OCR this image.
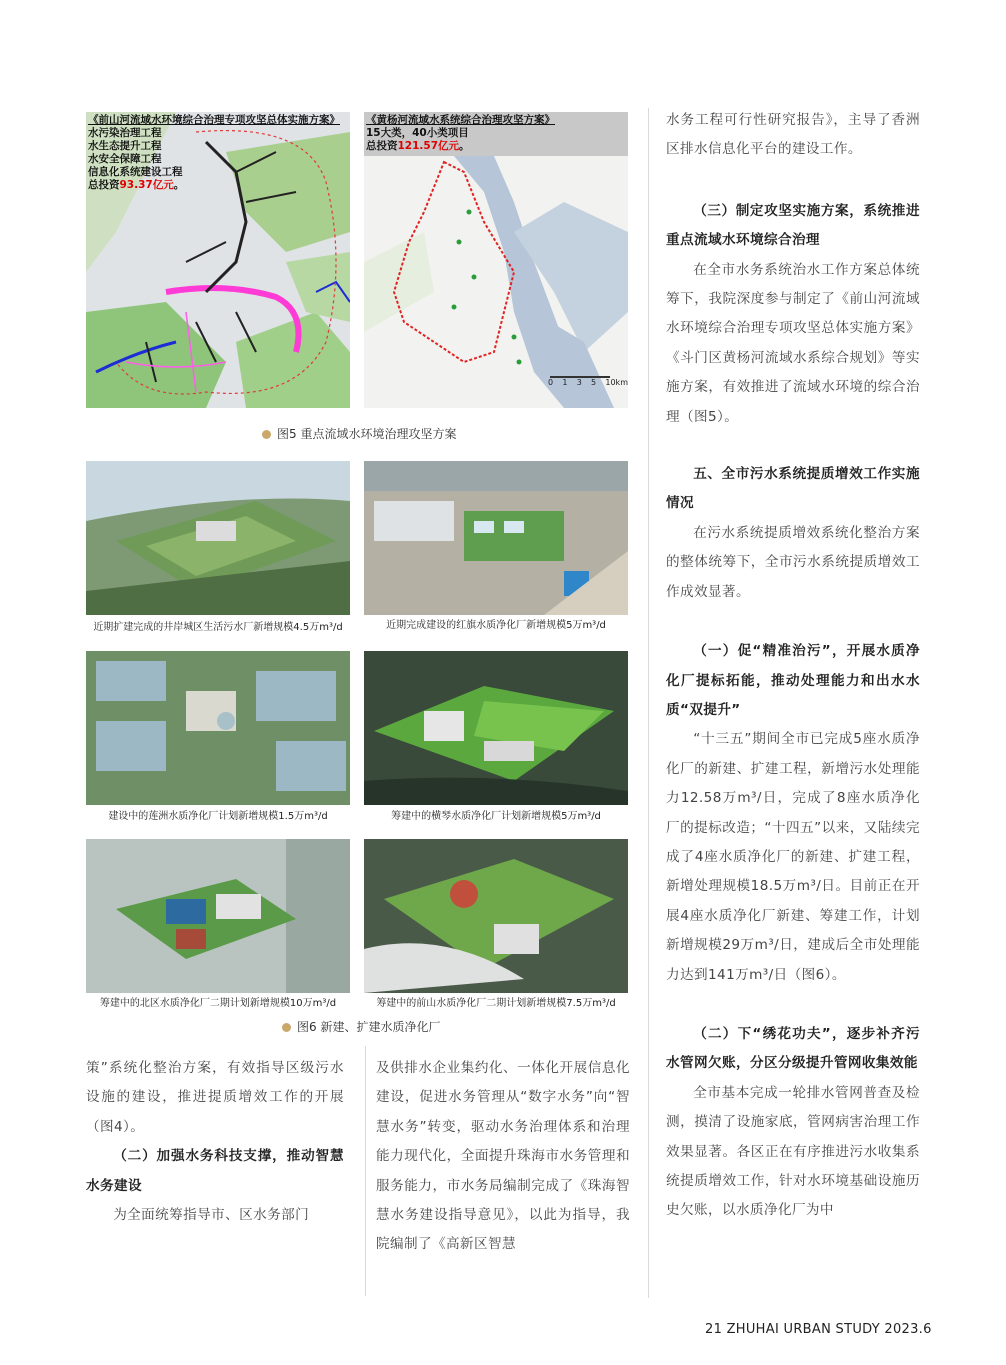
《前山河流域水环境综合治理专项攻坚总体实施方案》
水污染治理工程
水生态提升工程
水安全保障工程
信息化系统建设工程
总投资93.37亿元。
《黄杨河流域水系统综合治理攻坚方案》
15大类，40小类项目
总投资121.57亿元。
0 1 3 5 10km
图5 重点流域水环境治理攻坚方案
近期扩建完成的井岸城区生活污水厂新增规模4.5万m³/d	近期完成建设的红旗水质净化厂新增规模5万m³/d
建设中的莲洲水质净化厂计划新增规模1.5万m³/d	筹建中的横琴水质净化厂计划新增规模5万m³/d
筹建中的北区水质净化厂二期计划新增规模10万m³/d	筹建中的前山水质净化厂二期计划新增规模7.5万m³/d
图6 新建、扩建水质净化厂

策”系统化整治方案，有效指导区级污水设施的建设，推进提质增效工作的开展（图4）。

（二）加强水务科技支撑，推动智慧水务建设

为全面统筹指导市、区水务部门

及供排水企业集约化、一体化开展信息化建设，促进水务管理从“数字水务”向“智慧水务”转变，驱动水务治理体系和治理能力现代化，全面提升珠海市水务管理和服务能力，市水务局编制完成了《珠海智慧水务建设指导意见》，以此为指导，我院编制了《高新区智慧

水务工程可行性研究报告》，主导了香洲区排水信息化平台的建设工作。

（三）制定攻坚实施方案，系统推进重点流域水环境综合治理

在全市水务系统治水工作方案总体统筹下，我院深度参与制定了《前山河流域水环境综合治理专项攻坚总体实施方案》《斗门区黄杨河流域水系综合规划》等实施方案，有效推进了流域水环境的综合治理（图5）。

五、全市污水系统提质增效工作实施情况

在污水系统提质增效系统化整治方案的整体统筹下，全市污水系统提质增效工作成效显著。

（一）促“精准治污”，开展水质净化厂提标拓能，推动处理能力和出水水质“双提升”

“十三五”期间全市已完成5座水质净化厂的新建、扩建工程，新增污水处理能力12.58万m³/日，完成了8座水质净化厂的提标改造；“十四五”以来，又陆续完成了4座水质净化厂的新建、扩建工程，新增处理规模18.5万m³/日。目前正在开展4座水质净化厂新建、筹建工作，计划新增规模29万m³/日，建成后全市处理能力达到141万m³/日（图6）。

（二）下“绣花功夫”，逐步补齐污水管网欠账，分区分级提升管网收集效能

全市基本完成一轮排水管网普查及检测，摸清了设施家底，管网病害治理工作效果显著。各区正在有序推进污水收集系统提质增效工作，针对水环境基础设施历史欠账，以水质净化厂为中

21 ZHUHAI URBAN STUDY 2023.6
